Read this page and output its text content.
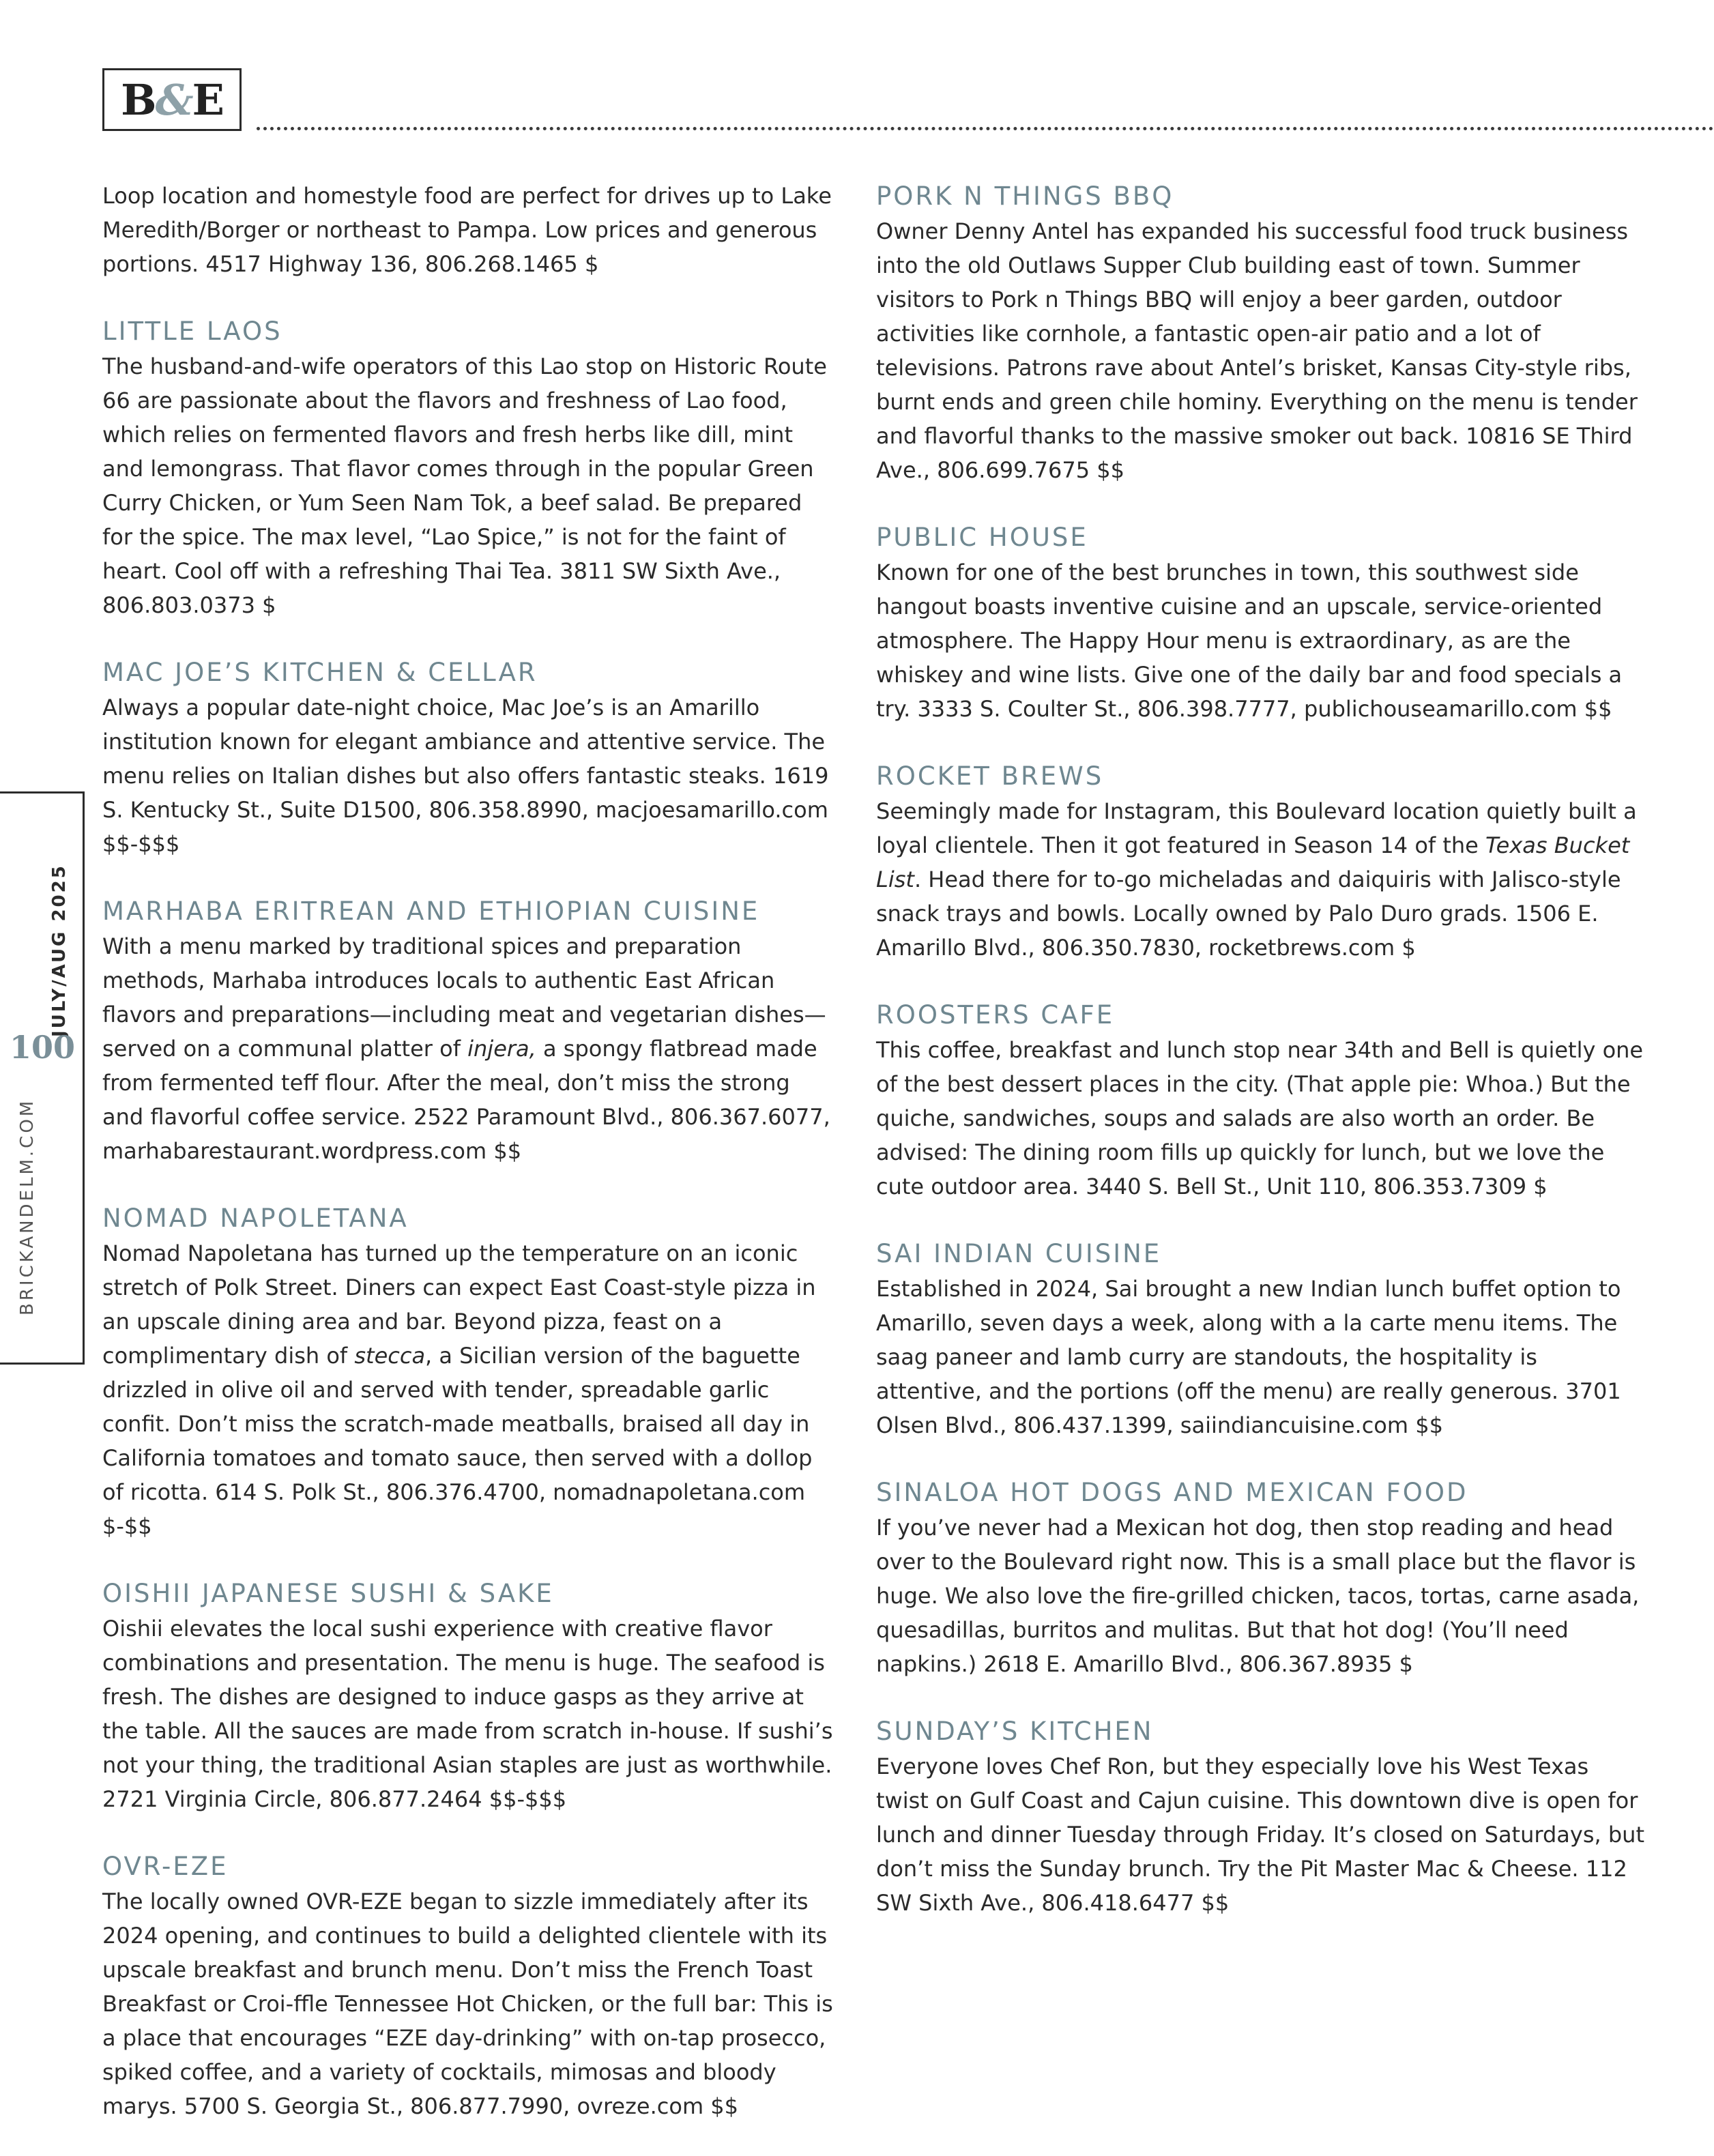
B & E
JULY/AUG 2025
100
BRICKANDELM.COM

Loop location and homestyle food are perfect for drives up to Lake Meredith/Borger or northeast to Pampa. Low prices and generous portions. 4517 Highway 136, 806.268.1465 $

LITTLE LAOS

The husband-and-wife operators of this Lao stop on Historic Route 66 are passionate about the flavors and freshness of Lao food, which relies on fermented flavors and fresh herbs like dill, mint and lemongrass. That flavor comes through in the popular Green Curry Chicken, or Yum Seen Nam Tok, a beef salad. Be prepared for the spice. The max level, “Lao Spice,” is not for the faint of heart. Cool off with a refreshing Thai Tea. 3811 SW Sixth Ave., 806.803.0373 $

MAC JOE’S KITCHEN & CELLAR

Always a popular date-night choice, Mac Joe’s is an Amarillo institution known for elegant ambiance and attentive service. The menu relies on Italian dishes but also offers fantastic steaks. 1619 S. Kentucky St., Suite D1500, 806.358.8990, macjoesamarillo.com $$-$$$

MARHABA ERITREAN AND ETHIOPIAN CUISINE

With a menu marked by traditional spices and preparation methods, Marhaba introduces locals to authentic East African flavors and preparations—including meat and vegetarian dishes—served on a communal platter of injera, a spongy flatbread made from fermented teff flour. After the meal, don’t miss the strong and flavorful coffee service. 2522 Paramount Blvd., 806.367.6077, marhabarestaurant.wordpress.com $$

NOMAD NAPOLETANA

Nomad Napoletana has turned up the temperature on an iconic stretch of Polk Street. Diners can expect East Coast-style pizza in an upscale dining area and bar. Beyond pizza, feast on a complimentary dish of stecca, a Sicilian version of the baguette drizzled in olive oil and served with tender, spreadable garlic confit. Don’t miss the scratch-made meatballs, braised all day in California tomatoes and tomato sauce, then served with a dollop of ricotta. 614 S. Polk St., 806.376.4700, nomadnapoletana.com $-$$

OISHII JAPANESE SUSHI & SAKE

Oishii elevates the local sushi experience with creative flavor combinations and presentation. The menu is huge. The seafood is fresh. The dishes are designed to induce gasps as they arrive at the table. All the sauces are made from scratch in-house. If sushi’s not your thing, the traditional Asian staples are just as worthwhile. 2721 Virginia Circle, 806.877.2464 $$-$$$

OVR-EZE

The locally owned OVR-EZE began to sizzle immediately after its 2024 opening, and continues to build a delighted clientele with its upscale breakfast and brunch menu. Don’t miss the French Toast Breakfast or Croi-ffle Tennessee Hot Chicken, or the full bar: This is a place that encourages “EZE day-drinking” with on-tap prosecco, spiked coffee, and a variety of cocktails, mimosas and bloody marys. 5700 S. Georgia St., 806.877.7990, ovreze.com $$

PORK N THINGS BBQ

Owner Denny Antel has expanded his successful food truck business into the old Outlaws Supper Club building east of town. Summer visitors to Pork n Things BBQ will enjoy a beer garden, outdoor activities like cornhole, a fantastic open-air patio and a lot of televisions. Patrons rave about Antel’s brisket, Kansas City-style ribs, burnt ends and green chile hominy. Everything on the menu is tender and flavorful thanks to the massive smoker out back. 10816 SE Third Ave., 806.699.7675 $$

PUBLIC HOUSE

Known for one of the best brunches in town, this southwest side hangout boasts inventive cuisine and an upscale, service-oriented atmosphere. The Happy Hour menu is extraordinary, as are the whiskey and wine lists. Give one of the daily bar and food specials a try. 3333 S. Coulter St., 806.398.7777, publichouseamarillo.com $$

ROCKET BREWS

Seemingly made for Instagram, this Boulevard location quietly built a loyal clientele. Then it got featured in Season 14 of the Texas Bucket List. Head there for to-go micheladas and daiquiris with Jalisco-style snack trays and bowls. Locally owned by Palo Duro grads. 1506 E. Amarillo Blvd., 806.350.7830, rocketbrews.com $

ROOSTERS CAFE

This coffee, breakfast and lunch stop near 34th and Bell is quietly one of the best dessert places in the city. (That apple pie: Whoa.) But the quiche, sandwiches, soups and salads are also worth an order. Be advised: The dining room fills up quickly for lunch, but we love the cute outdoor area. 3440 S. Bell St., Unit 110, 806.353.7309 $

SAI INDIAN CUISINE

Established in 2024, Sai brought a new Indian lunch buffet option to Amarillo, seven days a week, along with a la carte menu items. The saag paneer and lamb curry are standouts, the hospitality is attentive, and the portions (off the menu) are really generous. 3701 Olsen Blvd., 806.437.1399, saiindiancuisine.com $$

SINALOA HOT DOGS AND MEXICAN FOOD

If you’ve never had a Mexican hot dog, then stop reading and head over to the Boulevard right now. This is a small place but the flavor is huge. We also love the fire-grilled chicken, tacos, tortas, carne asada, quesadillas, burritos and mulitas. But that hot dog! (You’ll need napkins.) 2618 E. Amarillo Blvd., 806.367.8935 $

SUNDAY’S KITCHEN

Everyone loves Chef Ron, but they especially love his West Texas twist on Gulf Coast and Cajun cuisine. This downtown dive is open for lunch and dinner Tuesday through Friday. It’s closed on Saturdays, but don’t miss the Sunday brunch. Try the Pit Master Mac & Cheese. 112 SW Sixth Ave., 806.418.6477 $$
